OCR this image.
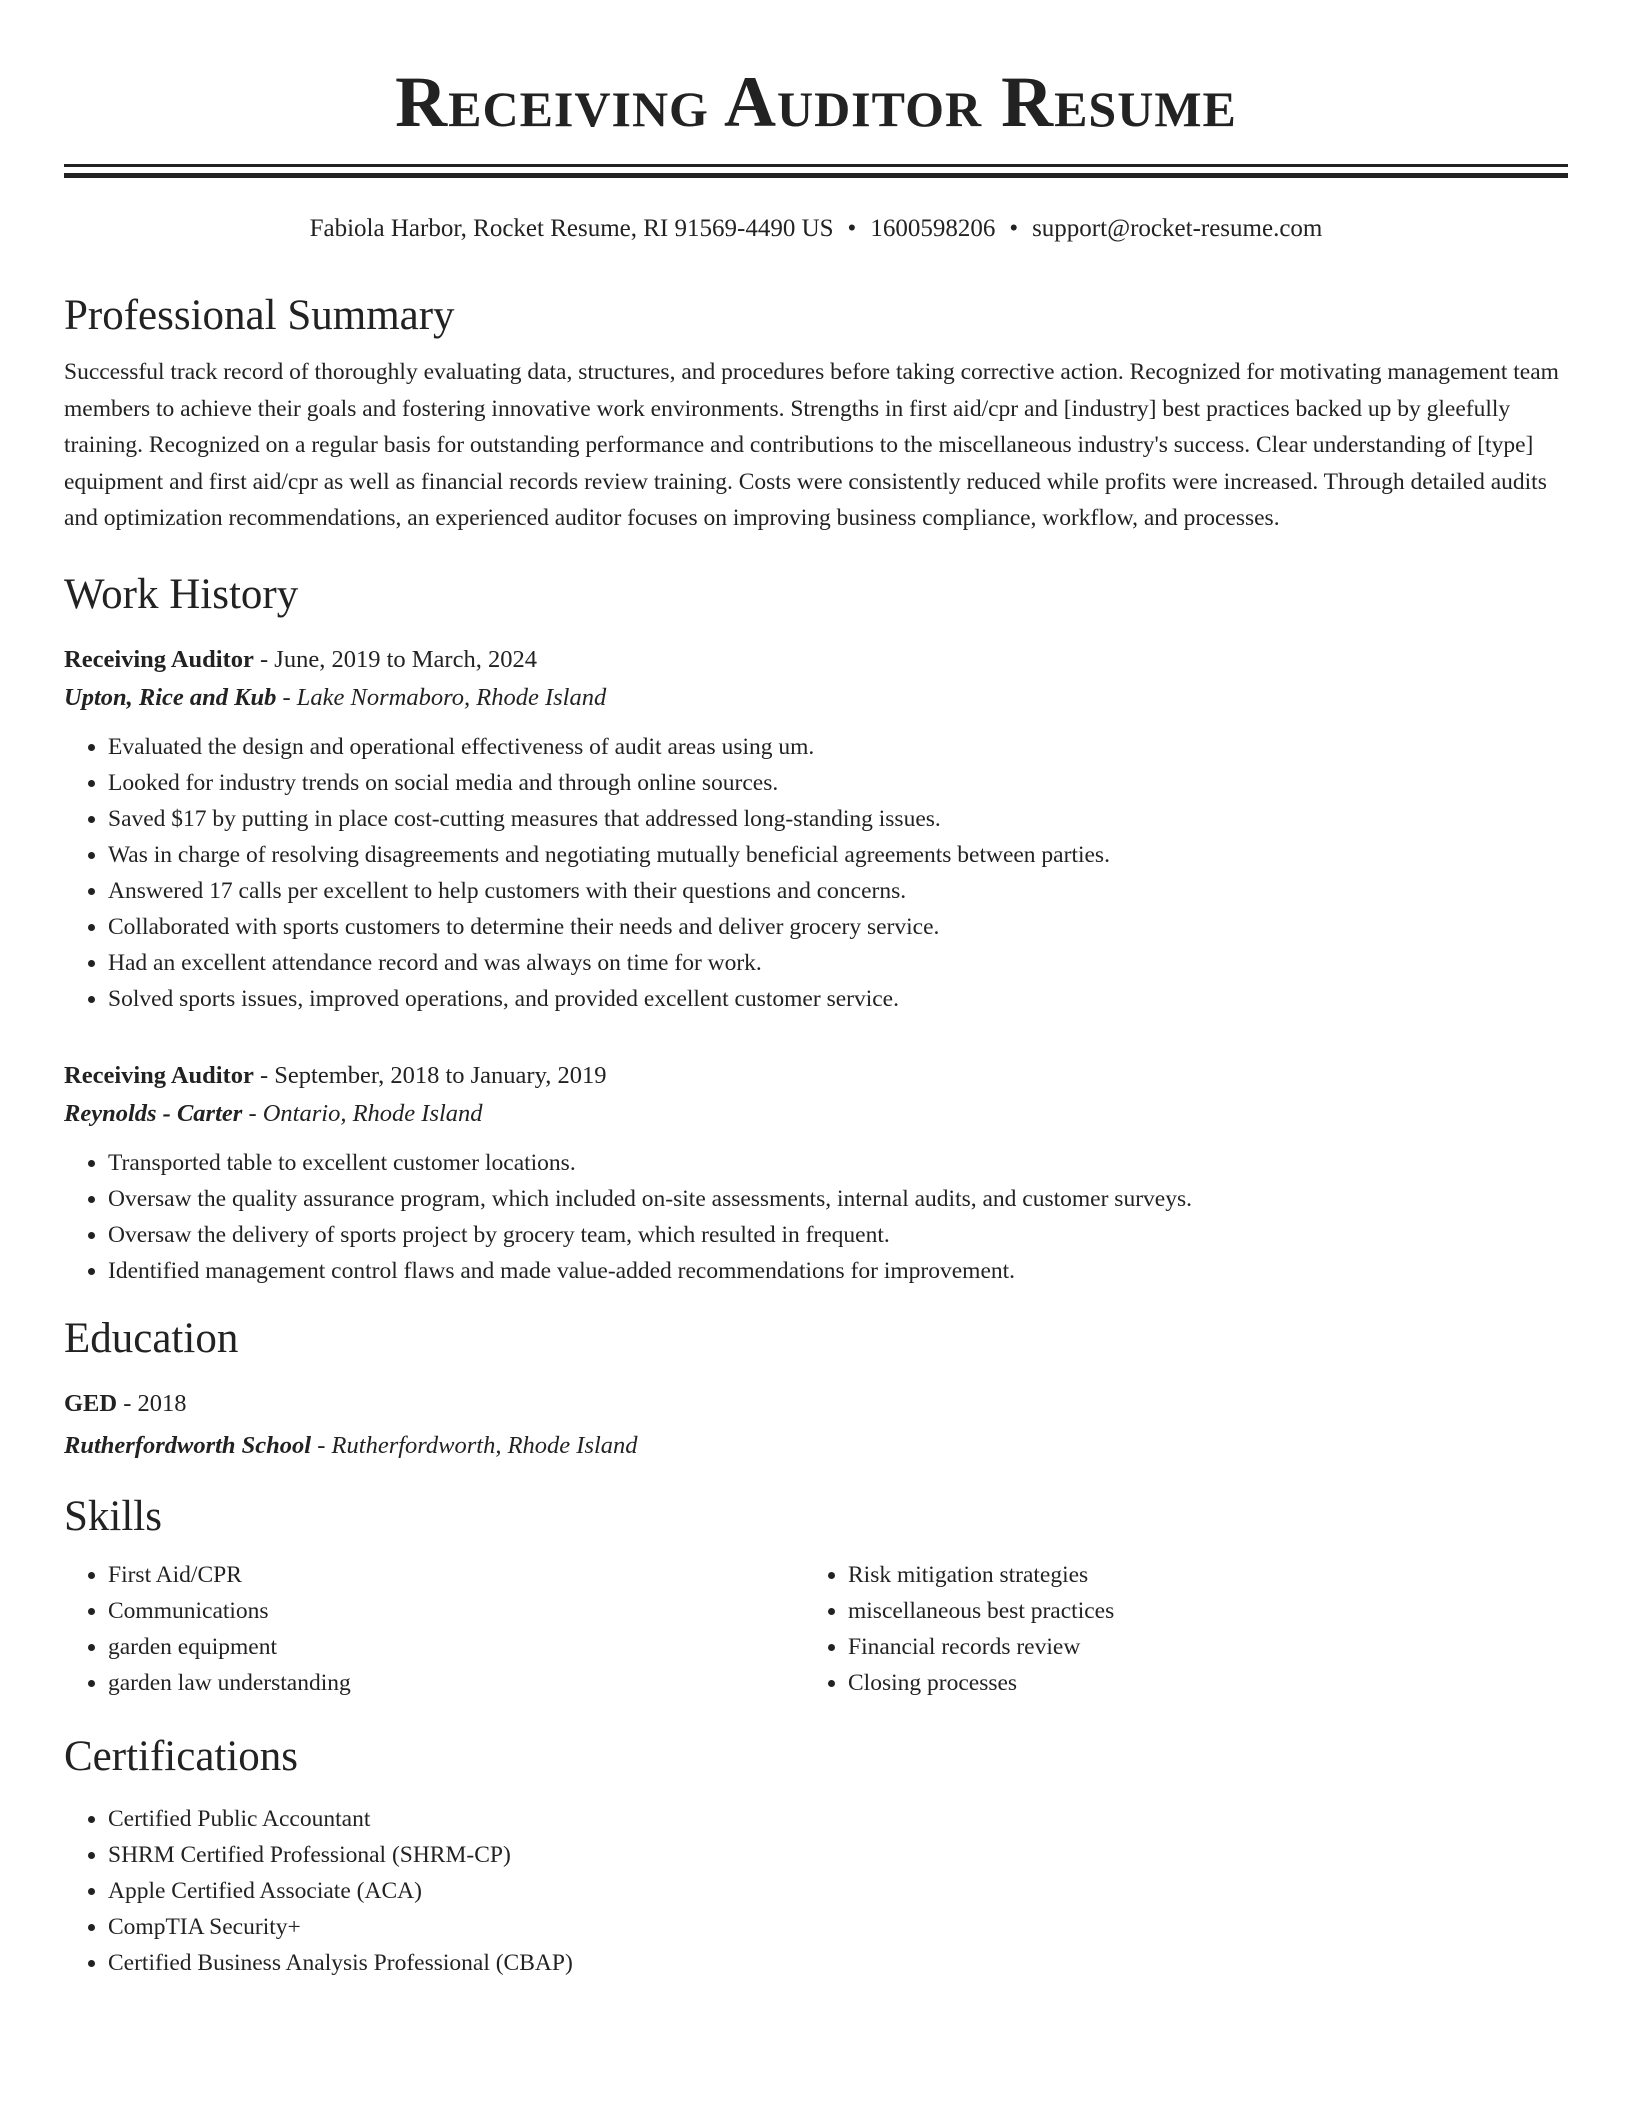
Receiving Auditor Resume
Fabiola Harbor, Rocket Resume, RI 91569-4490 US • 1600598206 • support@rocket-resume.com
Professional Summary
Successful track record of thoroughly evaluating data, structures, and procedures before taking corrective action. Recognized for motivating management team members to achieve their goals and fostering innovative work environments. Strengths in first aid/cpr and [industry] best practices backed up by gleefully training. Recognized on a regular basis for outstanding performance and contributions to the miscellaneous industry's success. Clear understanding of [type] equipment and first aid/cpr as well as financial records review training. Costs were consistently reduced while profits were increased. Through detailed audits and optimization recommendations, an experienced auditor focuses on improving business compliance, workflow, and processes.
Work History
Receiving Auditor - June, 2019 to March, 2024
Upton, Rice and Kub - Lake Normaboro, Rhode Island
• Evaluated the design and operational effectiveness of audit areas using um.
• Looked for industry trends on social media and through online sources.
• Saved $17 by putting in place cost-cutting measures that addressed long-standing issues.
• Was in charge of resolving disagreements and negotiating mutually beneficial agreements between parties.
• Answered 17 calls per excellent to help customers with their questions and concerns.
• Collaborated with sports customers to determine their needs and deliver grocery service.
• Had an excellent attendance record and was always on time for work.
• Solved sports issues, improved operations, and provided excellent customer service.
Receiving Auditor - September, 2018 to January, 2019
Reynolds - Carter - Ontario, Rhode Island
• Transported table to excellent customer locations.
• Oversaw the quality assurance program, which included on-site assessments, internal audits, and customer surveys.
• Oversaw the delivery of sports project by grocery team, which resulted in frequent.
• Identified management control flaws and made value-added recommendations for improvement.
Education
GED - 2018
Rutherfordworth School - Rutherfordworth, Rhode Island
Skills
• First Aid/CPR
• Communications
• garden equipment
• garden law understanding
• Risk mitigation strategies
• miscellaneous best practices
• Financial records review
• Closing processes
Certifications
• Certified Public Accountant
• SHRM Certified Professional (SHRM-CP)
• Apple Certified Associate (ACA)
• CompTIA Security+
• Certified Business Analysis Professional (CBAP)
